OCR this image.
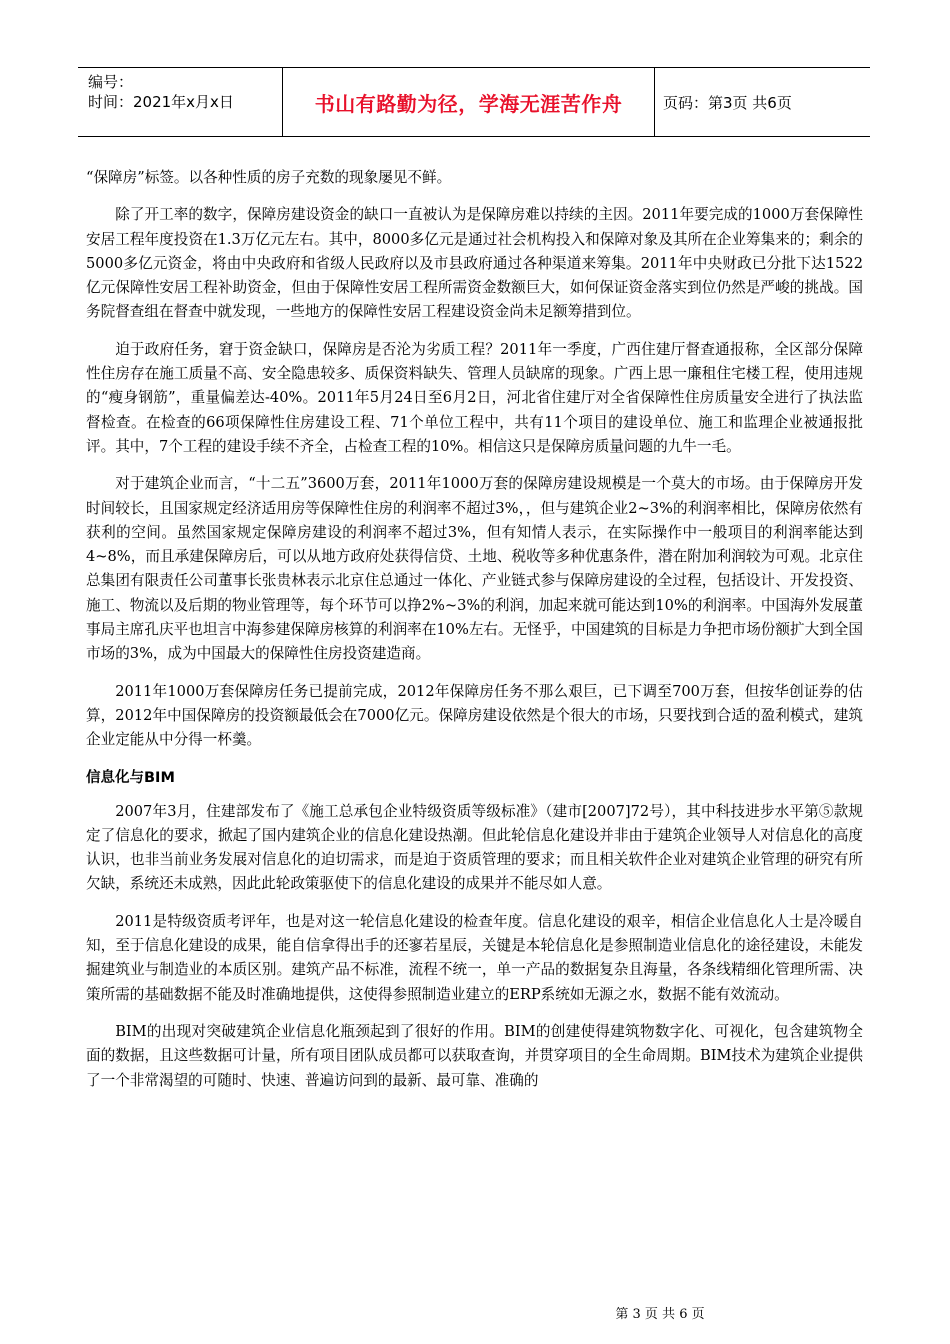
编号：
时间：2021年x月x日	书山有路勤为径，学海无涯苦作舟	页码：第3页 共6页

“保障房”标签。以各种性质的房子充数的现象屡见不鲜。

除了开工率的数字，保障房建设资金的缺口一直被认为是保障房难以持续的主因。2011年要完成的1000万套保障性安居工程年度投资在1.3万亿元左右。其中，8000多亿元是通过社会机构投入和保障对象及其所在企业筹集来的；剩余的5000多亿元资金，将由中央政府和省级人民政府以及市县政府通过各种渠道来筹集。2011年中央财政已分批下达1522亿元保障性安居工程补助资金，但由于保障性安居工程所需资金数额巨大，如何保证资金落实到位仍然是严峻的挑战。国务院督查组在督查中就发现，一些地方的保障性安居工程建设资金尚未足额筹措到位。

迫于政府任务，窘于资金缺口，保障房是否沦为劣质工程？2011年一季度，广西住建厅督查通报称，全区部分保障性住房存在施工质量不高、安全隐患较多、质保资料缺失、管理人员缺席的现象。广西上思一廉租住宅楼工程，使用违规的“瘦身钢筋”，重量偏差达-40%。2011年5月24日至6月2日，河北省住建厅对全省保障性住房质量安全进行了执法监督检查。在检查的66项保障性住房建设工程、71个单位工程中，共有11个项目的建设单位、施工和监理企业被通报批评。其中，7个工程的建设手续不齐全，占检查工程的10%。相信这只是保障房质量问题的九牛一毛。

对于建筑企业而言，“十二五”3600万套，2011年1000万套的保障房建设规模是一个莫大的市场。由于保障房开发时间较长，且国家规定经济适用房等保障性住房的利润率不超过3%，，但与建筑企业2~3%的利润率相比，保障房依然有获利的空间。虽然国家规定保障房建设的利润率不超过3%，但有知情人表示，在实际操作中一般项目的利润率能达到4~8%，而且承建保障房后，可以从地方政府处获得信贷、土地、税收等多种优惠条件，潜在附加利润较为可观。北京住总集团有限责任公司董事长张贵林表示北京住总通过一体化、产业链式参与保障房建设的全过程，包括设计、开发投资、施工、物流以及后期的物业管理等，每个环节可以挣2%~3%的利润，加起来就可能达到10%的利润率。中国海外发展董事局主席孔庆平也坦言中海参建保障房核算的利润率在10%左右。无怪乎，中国建筑的目标是力争把市场份额扩大到全国市场的3%，成为中国最大的保障性住房投资建造商。

2011年1000万套保障房任务已提前完成，2012年保障房任务不那么艰巨，已下调至700万套，但按华创证券的估算，2012年中国保障房的投资额最低会在7000亿元。保障房建设依然是个很大的市场，只要找到合适的盈利模式，建筑企业定能从中分得一杯羹。

信息化与BIM

2007年3月，住建部发布了《施工总承包企业特级资质等级标准》（建市[2007]72号），其中科技进步水平第⑤款规定了信息化的要求，掀起了国内建筑企业的信息化建设热潮。但此轮信息化建设并非由于建筑企业领导人对信息化的高度认识，也非当前业务发展对信息化的迫切需求，而是迫于资质管理的要求；而且相关软件企业对建筑企业管理的研究有所欠缺，系统还未成熟，因此此轮政策驱使下的信息化建设的成果并不能尽如人意。

2011是特级资质考评年，也是对这一轮信息化建设的检查年度。信息化建设的艰辛，相信企业信息化人士是冷暖自知，至于信息化建设的成果，能自信拿得出手的还寥若星辰，关键是本轮信息化是参照制造业信息化的途径建设，未能发掘建筑业与制造业的本质区别。建筑产品不标准，流程不统一，单一产品的数据复杂且海量，各条线精细化管理所需、决策所需的基础数据不能及时准确地提供，这使得参照制造业建立的ERP系统如无源之水，数据不能有效流动。

BIM的出现对突破建筑企业信息化瓶颈起到了很好的作用。BIM的创建使得建筑物数字化、可视化，包含建筑物全面的数据，且这些数据可计量，所有项目团队成员都可以获取查询，并贯穿项目的全生命周期。BIM技术为建筑企业提供了一个非常渴望的可随时、快速、普遍访问到的最新、最可靠、准确的

第 3 页 共 6 页
